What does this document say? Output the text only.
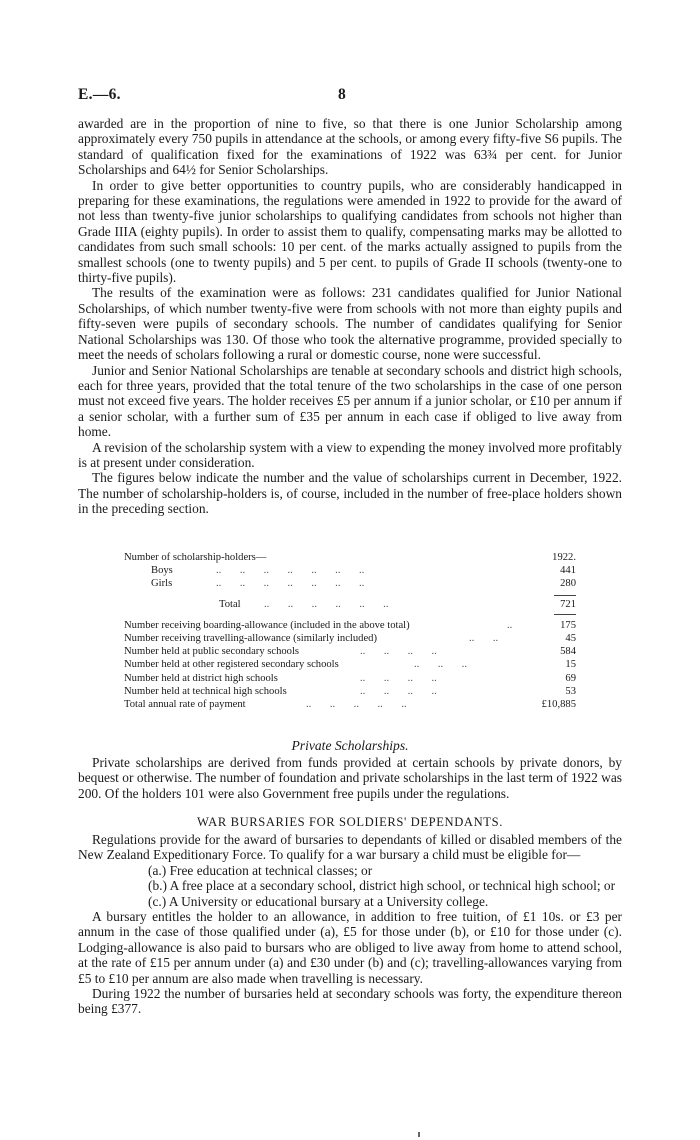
E.—6.	8

awarded are in the proportion of nine to five, so that there is one Junior Scholarship among approximately every 750 pupils in attendance at the schools, or among every fifty-five S6 pupils. The standard of qualification fixed for the examinations of 1922 was 63¾ per cent. for Junior Scholarships and 64½ for Senior Scholarships.

In order to give better opportunities to country pupils, who are considerably handicapped in preparing for these examinations, the regulations were amended in 1922 to provide for the award of not less than twenty-five junior scholarships to qualifying candidates from schools not higher than Grade IIIA (eighty pupils). In order to assist them to qualify, compensating marks may be allotted to candidates from such small schools: 10 per cent. of the marks actually assigned to pupils from the smallest schools (one to twenty pupils) and 5 per cent. to pupils of Grade II schools (twenty-one to thirty-five pupils).

The results of the examination were as follows: 231 candidates qualified for Junior National Scholarships, of which number twenty-five were from schools with not more than eighty pupils and fifty-seven were pupils of secondary schools. The number of candidates qualifying for Senior National Scholarships was 130. Of those who took the alternative programme, provided specially to meet the needs of scholars following a rural or domestic course, none were successful.

Junior and Senior National Scholarships are tenable at secondary schools and district high schools, each for three years, provided that the total tenure of the two scholarships in the case of one person must not exceed five years. The holder receives £5 per annum if a junior scholar, or £10 per annum if a senior scholar, with a further sum of £35 per annum in each case if obliged to live away from home.

A revision of the scholarship system with a view to expending the money involved more profitably is at present under consideration.

The figures below indicate the number and the value of scholarships current in December, 1922. The number of scholarship-holders is, of course, included in the number of free-place holders shown in the preceding section.

Number of scholarship-holders—	1922.
Boys	..       ..       ..       ..       ..       ..       ..	441
Girls	..       ..       ..       ..       ..       ..       ..	280
Total ..       ..       ..       ..       ..       ..	721
Number receiving boarding-allowance (included in the above total)	..	175
Number receiving travelling-allowance (similarly included)	..       ..	45
Number held at public secondary schools	..       ..       ..       ..	584
Number held at other registered secondary schools	..       ..       ..	15
Number held at district high schools	..       ..       ..       ..	69
Number held at technical high schools	..       ..       ..       ..	53
Total annual rate of payment	..       ..       ..       ..       ..	£10,885
Private Scholarships.

Private scholarships are derived from funds provided at certain schools by private donors, by bequest or otherwise. The number of foundation and private scholarships in the last term of 1922 was 200. Of the holders 101 were also Government free pupils under the regulations.

WAR BURSARIES FOR SOLDIERS' DEPENDANTS.

Regulations provide for the award of bursaries to dependants of killed or disabled members of the New Zealand Expeditionary Force. To qualify for a war bursary a child must be eligible for—

(a.) Free education at technical classes; or

(b.) A free place at a secondary school, district high school, or technical high school; or

(c.) A University or educational bursary at a University college.

A bursary entitles the holder to an allowance, in addition to free tuition, of £1 10s. or £3 per annum in the case of those qualified under (a), £5 for those under (b), or £10 for those under (c). Lodging-allowance is also paid to bursars who are obliged to live away from home to attend school, at the rate of £15 per annum under (a) and £30 under (b) and (c); travelling-allowances varying from £5 to £10 per annum are also made when travelling is necessary.

During 1922 the number of bursaries held at secondary schools was forty, the expenditure thereon being £377.
